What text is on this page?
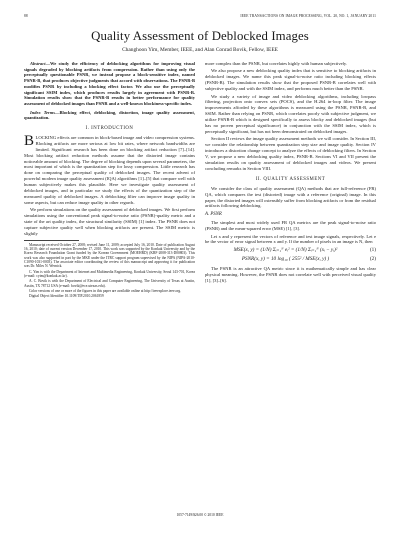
88	IEEE TRANSACTIONS ON IMAGE PROCESSING, VOL. 20, NO. 1, JANUARY 2011
Quality Assessment of Deblocked Images
Changhoon Yim, Member, IEEE, and Alan Conrad Bovik, Fellow, IEEE
Abstract—We study the efficiency of deblocking algorithms for improving visual signals degraded by blocking artifacts from compression. Rather than using only the perceptually questionable PSNR, we instead propose a block-sensitive index, named PSNR-B, that produces objective judgments that accord with observations. The PSNR-B modifies PSNR by including a blocking effect factor. We also use the perceptually significant SSIM index, which produces results largely in agreement with PSNR-B. Simulation results show that the PSNR-B results in better performance for quality assessment of deblocked images than PSNR and a well-known blockiness-specific index.
Index Terms—Blocking effect, deblocking, distortion, image quality assessment, quantization.
I. INTRODUCTION

BLOCKING effects are common in block-based image and video compression systems. Blocking artifacts are more serious at low bit rates, where network bandwidths are limited. Significant research has been done on blocking artifact reduction [7]–[14]. Most blocking artifact reduction methods assume that the distorted image contains noticeable amount of blocking. The degree of blocking depends upon several parameters, the most important of which is the quantization step for lossy compression. Little research has done on comparing the perceptual quality of deblocked images. The recent advent of powerful modern image quality assessment (IQA) algorithms [1]–[5] that compare well with human subjectively makes this plausible. Here we investigate quality assessment of deblocked images, and in particular we study the effects of the quantization step of the measured quality of deblocked images. A deblocking filter can improve image quality in some aspects, but can reduce image quality in other regards.

We perform simulations on the quality assessment of deblocked images. We first perform simulations using the conventional peak signal-to-noise ratio (PSNR)-quality metric and a state of the art quality index, the structural similarity (SSIM) [1] index. The PSNR does not capture subjective quality well when blocking artifacts are present. The SSIM metric is slightly

Manuscript received October 27, 2008; revised June 11, 2009; accepted July 16, 2010. Date of publication August 16, 2010; date of current version December 17, 2010. This work was supported by the Konkuk University and by the Korea Research Foundation Grant funded by the Korean Government (MOEHRD) (KRF-2008-313-D00803). This work was also supported in part by the MKE under the ITRC support program supervised by the NIPA (NIPA-2010-C1090-1031-0003). The associate editor coordinating the review of this manuscript and approving it for publication was Dr. Miles N. Wernick.

C. Yim is with the Department of Internet and Multimedia Engineering, Konkuk University, Seoul 143-701, Korea (e-mail: cyim@konkuk.ac.kr).

A. C. Bovik is with the Department of Electrical and Computer Engineering, The University of Texas at Austin, Austin, TX 78712 USA (e-mail: bovik@ece.utexas.edu).

Color versions of one or more of the figures in this paper are available online at http://ieeexplore.ieee.org.

Digital Object Identifier 10.1109/TIP.2010.2061859

more complex than the PSNR, but correlates highly with human subjectively.

We also propose a new deblocking quality index that is sensitive to blocking artifacts in deblocked images. We name this peak signal-to-noise ratio including blocking effects (PSNR-B). The simulation results show that the proposed PSNR-B correlates well with subjective quality and with the SSIM index, and performs much better than the PSNR.

We study a variety of image and video deblocking algorithms, including lowpass filtering, projection onto convex sets (POCS), and the H.264 in-loop filter. The image improvements afforded by these algorithms is measured using the PSNR, PSNR-B, and SSIM. Rather than relying on PSNR, which correlates poorly with subjective judgment, we utilize PSNR-B which is designed specifically to assess blocky and deblocked images (but has no proven perceptual significance) in conjunction with the SSIM index, which is perceptually significant, but has not been demonstrated on deblocked images.

Section II reviews the image quality assessment methods we will consider. In Section III, we consider the relationship between quantization step size and image quality. Section IV introduces a distortion change concept to analyze the effects of deblocking filters. In Section V, we propose a new deblocking quality index, PSNR-B. Sections VI and VII present the simulation results on quality assessment of deblocked images and videos. We present concluding remarks in Section VIII.

II. QUALITY ASSESSMENT

We consider the class of quality assessment (QA) methods that are full-reference (FR) QA, which compares the test (distorted) image with a reference (original) image. In this paper, the distorted images will ostensibly suffer from blocking artifacts or from the residual artifacts following deblocking.

A. PSNR

The simplest and most widely used FR QA metrics are the peak signal-to-noise ratio (PSNR) and the mean-squared error (MSE) [1], [3].

Let x and y represent the vectors of reference and test image signals, respectively. Let e be the vector of error signal between x and y. If the number of pixels in an image is N, then

MSE(x, y) = (1/N) Σᵢ₌₁ᴺ eᵢ² = (1/N) Σᵢ₌₁ᴺ (xᵢ − yᵢ)²	(1)
PSNR(x, y) = 10 log₁₀ ( 255² / MSE(x, y) )	(2)

The PSNR is an attractive QA metric since it is mathematically simple and has clear physical meaning. However, the PSNR does not correlate well with perceived visual quality [1], [3]–[6].

1057-7149/$26.00 © 2010 IEEE
